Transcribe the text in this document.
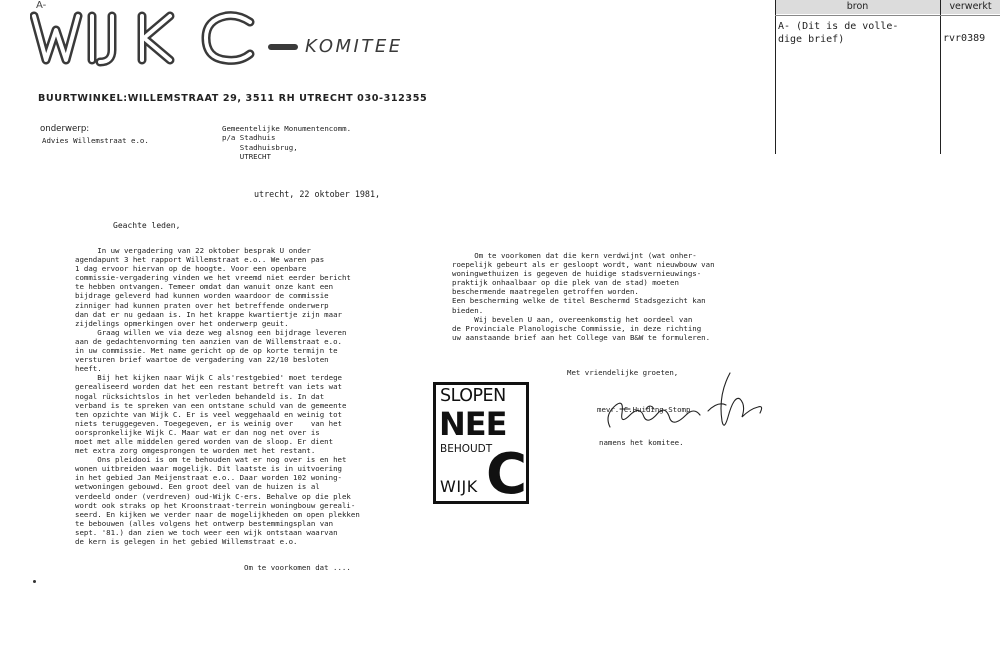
A-
KOMITEE
BUURTWINKEL:WILLEMSTRAAT 29, 3511 RH UTRECHT 030-312355
bron	verwerkt
A- (Dit is de volle-
dige brief)	rvr0389
onderwerp:
Advies Willemstraat e.o.
Gemeentelijke Monumentencomm.
p/a Stadhuis
Stadhuisbrug,
UTRECHT
utrecht, 22 oktober 1981,
Geachte leden,
In uw vergadering van 22 oktober besprak U onder
agendapunt 3 het rapport Willemstraat e.o.. We waren pas
1 dag ervoor hiervan op de hoogte. Voor een openbare
commissie-vergadering vinden we het vreemd niet eerder bericht
te hebben ontvangen. Temeer omdat dan wanuit onze kant een
bijdrage geleverd had kunnen worden waardoor de commissie
zinniger had kunnen praten over het betreffende onderwerp
dan dat er nu gedaan is. In het krappe kwartiertje zijn maar
zijdelings opmerkingen over het onderwerp geuit.
Graag willen we via deze weg alsnog een bijdrage leveren
aan de gedachtenvorming ten aanzien van de Willemstraat e.o.
in uw commissie. Met name gericht op de op korte termijn te
versturen brief waartoe de vergadering van 22/10 besloten
heeft.
Bij het kijken naar Wijk C als'restgebied' moet terdege
gerealiseerd worden dat het een restant betreft van iets wat
nogal rücksichtslos in het verleden behandeld is. In dat
verband is te spreken van een ontstane schuld van de gemeente
ten opzichte van Wijk C. Er is veel weggehaald en weinig tot
niets teruggegeven. Toegegeven, er is weinig over    van het
oorspronkelijke Wijk C. Maar wat er dan nog net over is
moet met alle middelen gered worden van de sloop. Er dient
met extra zorg omgesprongen te worden met het restant.
Ons pleidooi is om te behouden wat er nog over is en het
wonen uitbreiden waar mogelijk. Dit laatste is in uitvoering
in het gebied Jan Meijenstraat e.o.. Daar worden 102 woning-
wetwoningen gebouwd. Een groot deel van de huizen is al
verdeeld onder (verdreven) oud-Wijk C-ers. Behalve op die plek
wordt ook straks op het Kroonstraat-terrein woningbouw gereali-
seerd. En kijken we verder naar de mogelijkheden om open plekken
te bebouwen (alles volgens het ontwerp bestemmingsplan van
sept. '81.) dan zien we toch weer een wijk ontstaan waarvan
de kern is gelegen in het gebied Willemstraat e.o.
Om te voorkomen dat ....
Om te voorkomen dat die kern verdwijnt (wat onher-
roepelijk gebeurt als er gesloopt wordt, want nieuwbouw van
woningwethuizen is gegeven de huidige stadsvernieuwings-
praktijk onhaalbaar op die plek van de stad) moeten
beschermende maatregelen getroffen worden.
Een bescherming welke de titel Beschermd Stadsgezicht kan
bieden.
Wij bevelen U aan, overeenkomstig het oordeel van
de Provinciale Planologische Commissie, in deze richting
uw aanstaande brief aan het College van B&W te formuleren.
Met vriendelijke groeten,
mevr. C.Huiding-Stomp
namens het komitee.
SLOPEN
NEE
BEHOUDT
WIJK C
